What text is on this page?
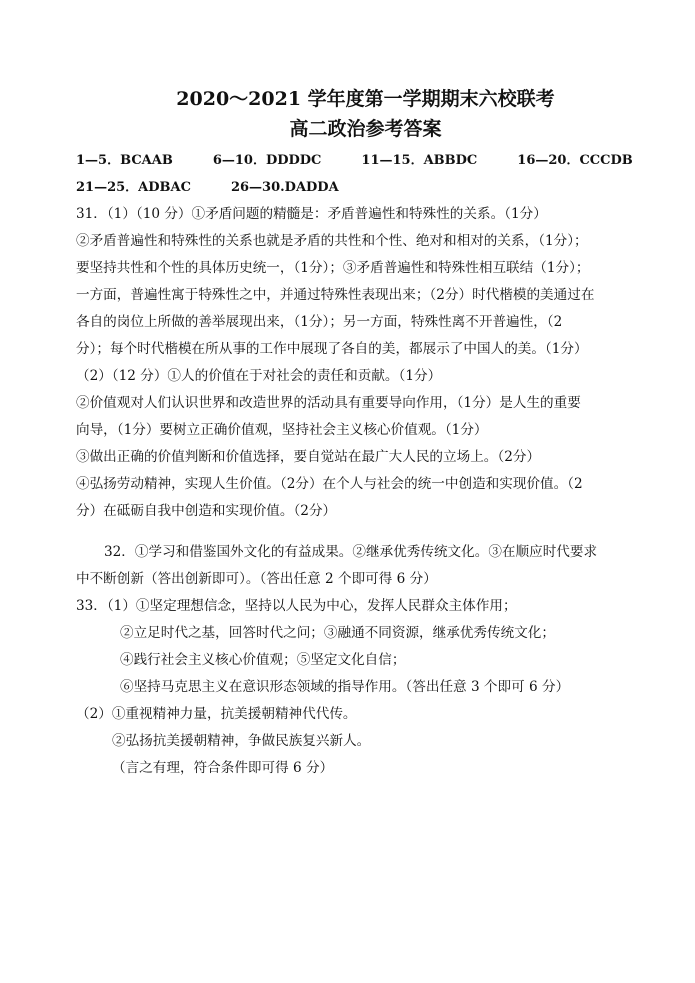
2020～2021 学年度第一学期期末六校联考
高二政治参考答案
1—5．BCAAB	6—10．DDDDC	11—15．ABBDC	16—20．CCCDB
21—25．ADBAC	26—30.DADDA
31．（1）（10 分）①矛盾问题的精髓是：矛盾普遍性和特殊性的关系。（1分）
②矛盾普遍性和特殊性的关系也就是矛盾的共性和个性、绝对和相对的关系，（1分）；
要坚持共性和个性的具体历史统一，（1分）；③矛盾普遍性和特殊性相互联结（1分）；
一方面，普遍性寓于特殊性之中，并通过特殊性表现出来；（2分）时代楷模的美通过在
各自的岗位上所做的善举展现出来，（1分）；另一方面，特殊性离不开普遍性，（2
分）；每个时代楷模在所从事的工作中展现了各自的美，都展示了中国人的美。（1分）
（2）（12 分）①人的价值在于对社会的责任和贡献。（1分）
②价值观对人们认识世界和改造世界的活动具有重要导向作用，（1分）是人生的重要
向导，（1分）要树立正确价值观，坚持社会主义核心价值观。（1分）
③做出正确的价值判断和价值选择，要自觉站在最广大人民的立场上。（2分）
④弘扬劳动精神，实现人生价值。（2分）在个人与社会的统一中创造和实现价值。（2
分）在砥砺自我中创造和实现价值。（2分）
32．①学习和借鉴国外文化的有益成果。②继承优秀传统文化。③在顺应时代要求
中不断创新（答出创新即可）。（答出任意 2 个即可得 6 分）
33．（1）①坚定理想信念，坚持以人民为中心，发挥人民群众主体作用；
②立足时代之基，回答时代之问；③融通不同资源，继承优秀传统文化；
④践行社会主义核心价值观；⑤坚定文化自信；
⑥坚持马克思主义在意识形态领域的指导作用。（答出任意 3 个即可 6 分）
（2）①重视精神力量，抗美援朝精神代代传。
②弘扬抗美援朝精神，争做民族复兴新人。
（言之有理，符合条件即可得 6 分）
